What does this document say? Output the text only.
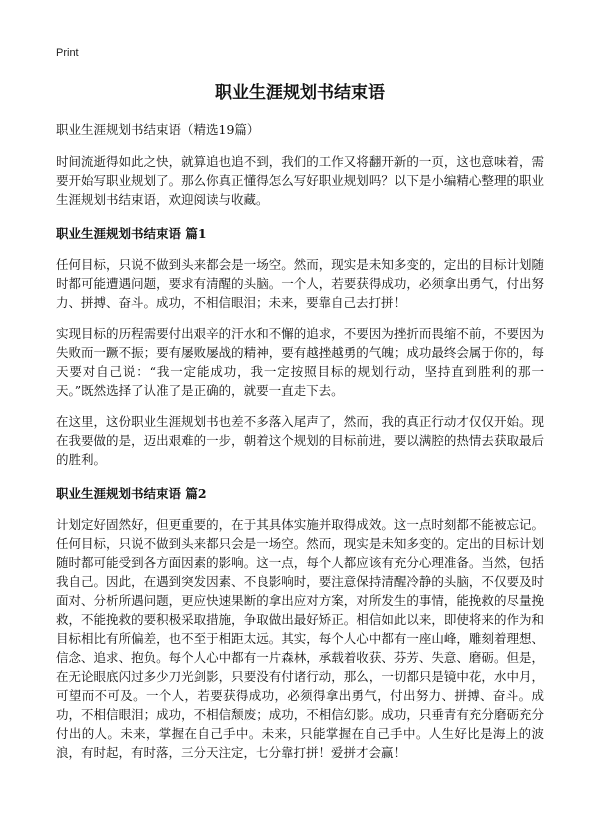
Print

职业生涯规划书结束语

职业生涯规划书结束语（精选19篇）

时间流逝得如此之快，就算追也追不到，我们的工作又将翻开新的一页，这也意味着，需要开始写职业规划了。那么你真正懂得怎么写好职业规划吗？以下是小编精心整理的职业生涯规划书结束语，欢迎阅读与收藏。

职业生涯规划书结束语 篇1

任何目标，只说不做到头来都会是一场空。然而，现实是未知多变的，定出的目标计划随时都可能遭遇问题，要求有清醒的头脑。一个人，若要获得成功，必须拿出勇气，付出努力、拼搏、奋斗。成功，不相信眼泪；未来，要靠自己去打拼！

实现目标的历程需要付出艰辛的汗水和不懈的追求，不要因为挫折而畏缩不前，不要因为失败而一蹶不振；要有屡败屡战的精神，要有越挫越勇的气魄；成功最终会属于你的，每天要对自己说：“我一定能成功，我一定按照目标的规划行动，坚持直到胜利的那一天。”既然选择了认准了是正确的，就要一直走下去。

在这里，这份职业生涯规划书也差不多落入尾声了，然而，我的真正行动才仅仅开始。现在我要做的是，迈出艰难的一步，朝着这个规划的目标前进，要以满腔的热情去获取最后的胜利。

职业生涯规划书结束语 篇2

计划定好固然好，但更重要的，在于其具体实施并取得成效。这一点时刻都不能被忘记。任何目标，只说不做到头来都只会是一场空。然而，现实是未知多变的。定出的目标计划随时都可能受到各方面因素的影响。这一点，每个人都应该有充分心理准备。当然，包括我自己。因此，在遇到突发因素、不良影响时，要注意保持清醒冷静的头脑，不仅要及时面对、分析所遇问题，更应快速果断的拿出应对方案，对所发生的事情，能挽救的尽量挽救，不能挽救的要积极采取措施，争取做出最好矫正。相信如此以来，即使将来的作为和目标相比有所偏差，也不至于相距太远。其实，每个人心中都有一座山峰，雕刻着理想、信念、追求、抱负。每个人心中都有一片森林，承载着收获、芬芳、失意、磨砺。但是，在无论眼底闪过多少刀光剑影，只要没有付诸行动，那么，一切都只是镜中花，水中月，可望而不可及。一个人，若要获得成功，必须得拿出勇气，付出努力、拼搏、奋斗。成功，不相信眼泪；成功，不相信颓废；成功，不相信幻影。成功，只垂青有充分磨砺充分付出的人。未来，掌握在自己手中。未来，只能掌握在自己手中。人生好比是海上的波浪，有时起，有时落，三分天注定，七分靠打拼！爱拼才会赢！
